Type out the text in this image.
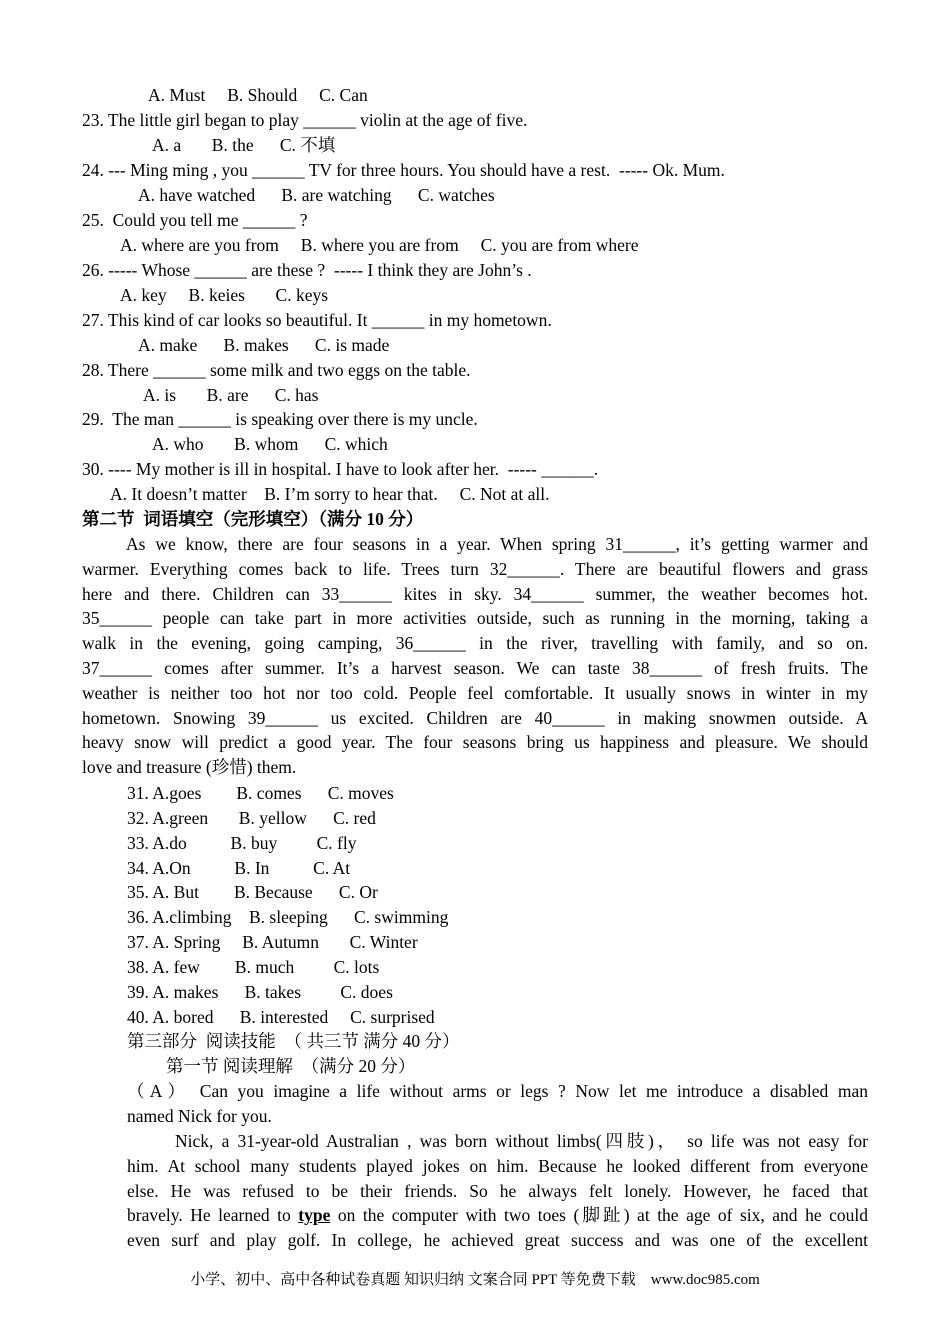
A. Must     B. Should     C. Can
23. The little girl began to play ______ violin at the age of five.
A. a       B. the      C. 不填
24. --- Ming ming , you ______ TV for three hours. You should have a rest.  ----- Ok. Mum.
A. have watched      B. are watching      C. watches
25.  Could you tell me ______ ?
A. where are you from     B. where you are from     C. you are from where
26. ----- Whose ______ are these ?  ----- I think they are John’s .
A. key     B. keies       C. keys
27. This kind of car looks so beautiful. It ______ in my hometown.
A. make      B. makes      C. is made
28. There ______ some milk and two eggs on the table.
A. is       B. are      C. has
29.  The man ______ is speaking over there is my uncle.
A. who       B. whom      C. which
30. ---- My mother is ill in hospital. I have to look after her.  ----- ______.
A. It doesn’t matter    B. I’m sorry to hear that.     C. Not at all.
第二节  词语填空（完形填空）（满分 10 分）
As we know, there are four seasons in a year. When spring 31______, it’s getting warmer and
warmer. Everything comes back to life. Trees turn 32______. There are beautiful flowers and grass
here and there. Children can 33______ kites in sky. 34______ summer, the weather becomes hot.
35______ people can take part in more activities outside, such as running in the morning, taking a
walk in the evening, going camping, 36______ in the river, travelling with family, and so on.
37______ comes after summer. It’s a harvest season. We can taste 38______ of fresh fruits. The
weather is neither too hot nor too cold. People feel comfortable. It usually snows in winter in my
hometown. Snowing 39______ us excited. Children are 40______ in making snowmen outside. A
heavy snow will predict a good year. The four seasons bring us happiness and pleasure. We should
love and treasure (珍惜) them.
31. A.goes        B. comes      C. moves
32. A.green       B. yellow      C. red
33. A.do          B. buy         C. fly
34. A.On          B. In          C. At
35. A. But        B. Because      C. Or
36. A.climbing    B. sleeping      C. swimming
37. A. Spring     B. Autumn       C. Winter
38. A. few        B. much         C. lots
39. A. makes      B. takes         C. does
40. A. bored      B. interested     C. surprised
第三部分  阅读技能  （ 共三节 满分 40 分）
第一节 阅读理解  （满分 20 分）
（A） Can you imagine a life without arms or legs ? Now let me introduce a disabled man
named Nick for you.
Nick, a 31-year-old Australian , was born without limbs(四肢)， so life was not easy for
him. At school many students played jokes on him. Because he looked different from everyone
else. He was refused to be their friends. So he always felt lonely. However, he faced that
bravely. He learned to type on the computer with two toes (脚趾) at the age of six, and he could
even surf and play golf. In college, he achieved great success and was one of the excellent
小学、初中、高中各种试卷真题 知识归纳 文案合同 PPT 等免费下载    www.doc985.com
